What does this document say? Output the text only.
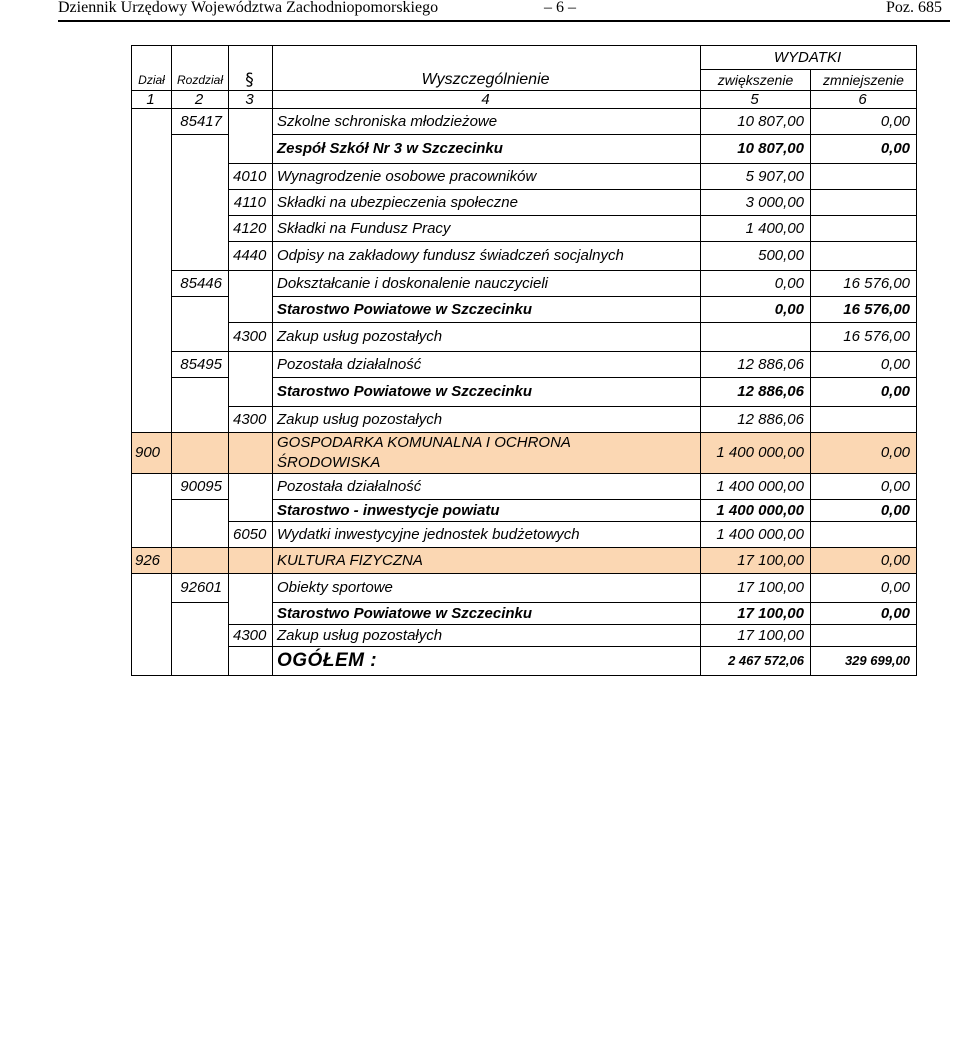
Dziennik Urzędowy Województwa Zachodniopomorskiego	– 6 –	Poz. 685
				WYDATKI	
Dział	Rozdział	§	Wyszczególnienie	zwiększenie	zmniejszenie
1	2	3	4	5	6
	85417		Szkolne schroniska młodzieżowe	10 807,00	0,00
			Zespół Szkół Nr 3 w Szczecinku	10 807,00	0,00
		4010	Wynagrodzenie osobowe pracowników	5 907,00	
		4110	Składki na ubezpieczenia społeczne	3 000,00	
		4120	Składki na Fundusz Pracy	1 400,00	
		4440	Odpisy na zakładowy fundusz świadczeń socjalnych	500,00	
	85446		Dokształcanie i doskonalenie nauczycieli	0,00	16 576,00
			Starostwo Powiatowe w Szczecinku	0,00	16 576,00
		4300	Zakup usług pozostałych		16 576,00
	85495		Pozostała działalność	12 886,06	0,00
			Starostwo Powiatowe w Szczecinku	12 886,06	0,00
		4300	Zakup usług pozostałych	12 886,06	
900			GOSPODARKA KOMUNALNA I OCHRONA
ŚRODOWISKA	1 400 000,00	0,00
	90095		Pozostała działalność	1 400 000,00	0,00
			Starostwo - inwestycje powiatu	1 400 000,00	0,00
		6050	Wydatki inwestycyjne jednostek budżetowych	1 400 000,00	
926			KULTURA FIZYCZNA	17 100,00	0,00
	92601		Obiekty sportowe	17 100,00	0,00
			Starostwo Powiatowe w Szczecinku	17 100,00	0,00
		4300	Zakup usług pozostałych	17 100,00	
			OGÓŁEM :	2 467 572,06	329 699,00
